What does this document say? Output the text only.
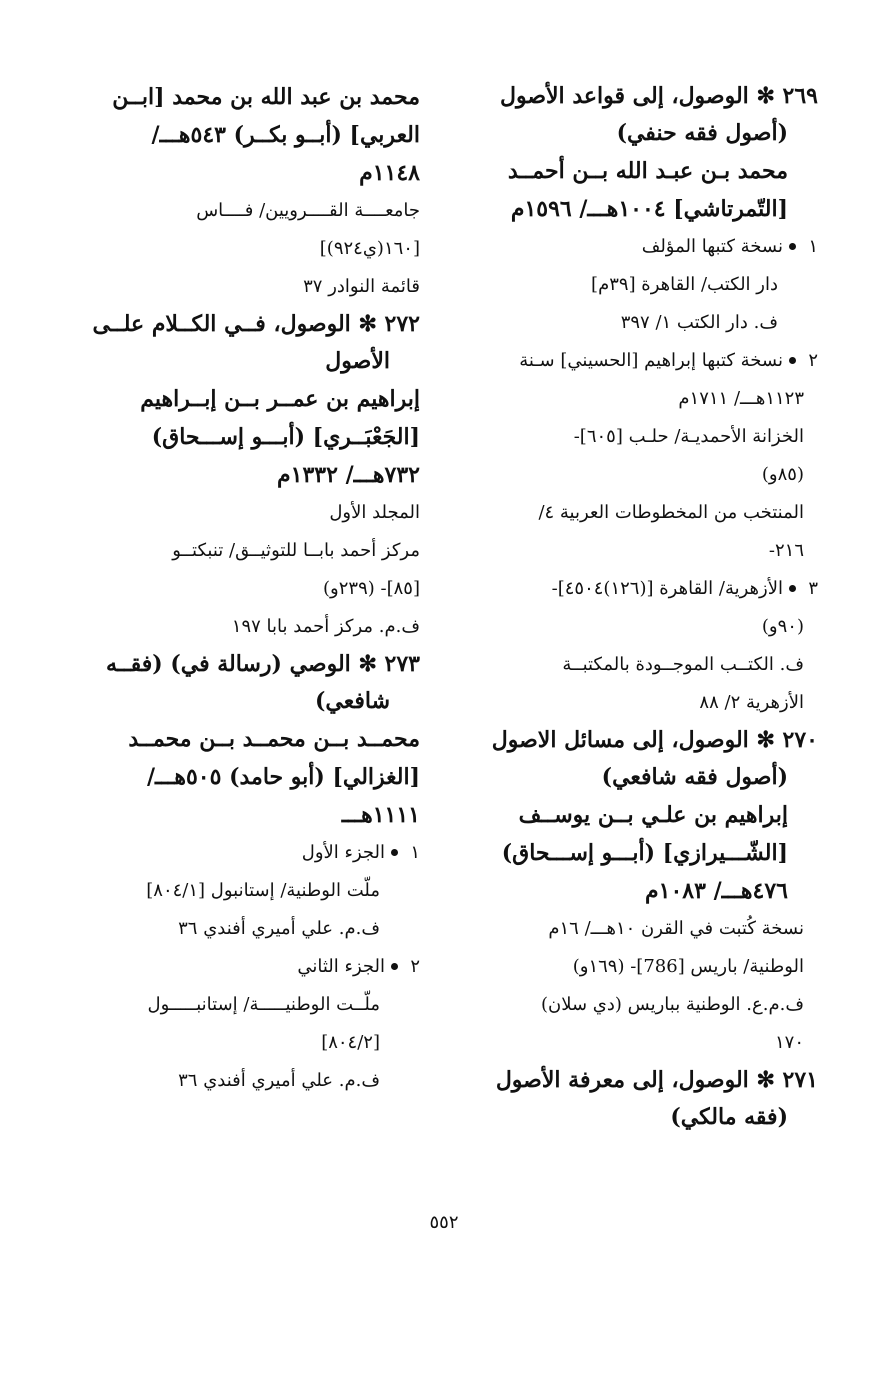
٢٦٩ ✻ الوصول، إلى قواعد الأصول
(أصول فقه حنفي)
محمد بـن عبـد الله بــن أحمــد
[التّمرتاشي] ١٠٠٤هـــ/ ١٥٩٦م
١نسخة كتبها المؤلف
دار الكتب/ القاهرة [٣٩م]
ف. دار الكتب ١/ ٣٩٧
٢نسخة كتبها إبراهيم [الحسيني] سـنة
١١٢٣هـــ/ ١٧١١م
الخزانة الأحمديـة/ حلـب [٦٠٥]-
(٨٥و)
المنتخب من المخطوطات العربية ٤/
٢١٦-
٣الأزهرية/ القاهرة [(١٢٦)٤٥٠٤]-
(٩٠و)
ف. الكتــب الموجــودة بالمكتبــة
الأزهرية ٢/ ٨٨
٢٧٠ ✻ الوصول، إلى مسائل الاصول
(أصول فقه شافعي)
إبراهيم بن علـي بــن يوســف
[الشّـــيرازي] (أبـــو إســـحاق)
٤٧٦هـــ/ ١٠٨٣م
نسخة كُتبت في القرن ١٠هـــ/ ١٦م
الوطنية/ باريس [786]- (١٦٩و)
ف.م.ع. الوطنية بباريس (دي سلان)
١٧٠
٢٧١ ✻ الوصول، إلى معرفة الأصول
(فقه مالكي)
محمد بن عبد الله بن محمد [ابــن
العربي] (أبــو بكــر) ٥٤٣هـــ/
١١٤٨م
جامعــــة القــــرويين/ فــــاس
[١٦٠(ي٩٢٤)]
قائمة النوادر ٣٧
٢٧٢ ✻ الوصول، فــي الكــلام علــى
الأصول
إبراهيم بن عمــر بــن إبــراهيم
[الجَعْبَــري] (أبـــو إســـحاق)
٧٣٢هـــ/ ١٣٣٢م
المجلد الأول
مركز أحمد بابــا للتوثيــق/ تنبكتــو
[٨٥]- (٢٣٩و)
ف.م. مركز أحمد بابا ١٩٧
٢٧٣ ✻ الوصي (رسالة في) (فقــه
شافعي)
محمــد بــن محمــد بــن محمــد
[الغزالي] (أبو حامد) ٥٠٥هـــ/
١١١١هـــ
١الجزء الأول
ملّت الوطنية/ إستانبول [٨٠٤/١]
ف.م. علي أميري أفندي ٣٦
٢الجزء الثاني
ملّــت الوطنيـــــة/ إستانبـــــول
[٨٠٤/٢]
ف.م. علي أميري أفندي ٣٦
٥٥٢
